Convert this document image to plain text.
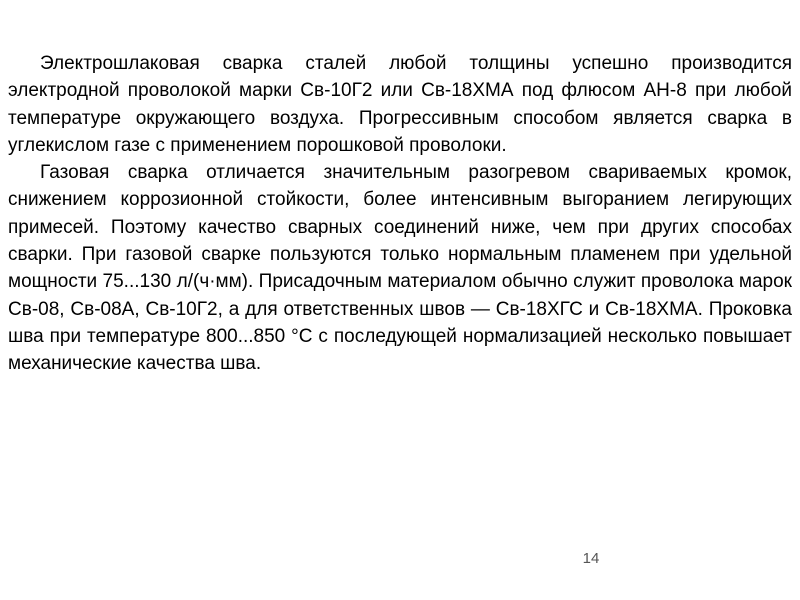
Электрошлаковая сварка сталей любой толщины успешно производится электродной проволокой марки Св-10Г2 или Св-18ХМА под флюсом АН-8 при любой температуре окружающего воздуха. Прогрессивным способом является сварка в углекислом газе с применением порошковой проволоки.

Газовая сварка отличается значительным разогревом свариваемых кромок, снижением коррозионной стойкости, более интенсивным выгоранием легирующих примесей. Поэтому качество сварных соединений ниже, чем при других способах сварки. При газовой сварке пользуются только нормальным пламенем при удельной мощности 75...130 л/(ч·мм). Присадочным материалом обычно служит проволока марок Св-08, Св-08А, Св-10Г2, а для ответственных швов — Св-18ХГС и Св-18ХМА. Проковка шва при температуре 800...850 °С с последующей нормализацией несколько повышает механические качества шва.

14
